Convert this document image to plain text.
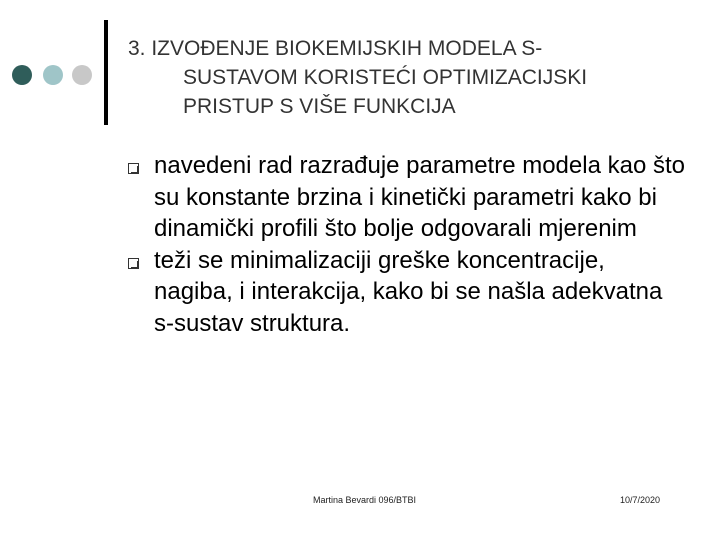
3. IZVOĐENJE BIOKEMIJSKIH MODELA S-
SUSTAVOM KORISTEĆI OPTIMIZACIJSKI
PRISTUP S VIŠE FUNKCIJA
navedeni rad razrađuje parametre modela kao što su konstante brzina i kinetički parametri kako bi dinamički profili što bolje odgovarali mjerenim
teži se minimalizaciji greške koncentracije, nagiba, i interakcija, kako bi se našla adekvatna s-sustav struktura.
Martina Bevardi 096/BTBI	10/7/2020
